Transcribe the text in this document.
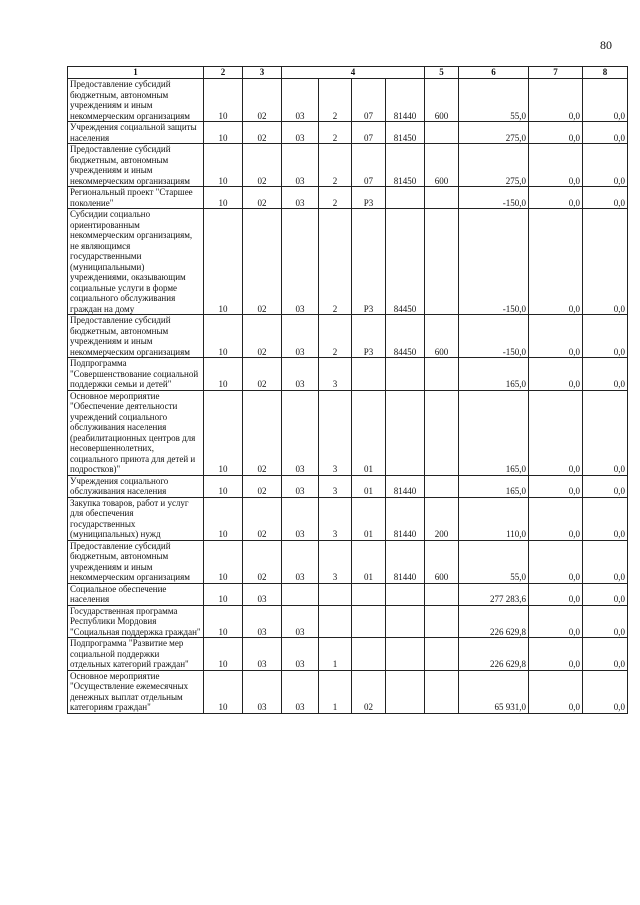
80
1	2	3	4				5	6	7	8
Предоставление субсидий бюджетным, автономным учреждениям и иным некоммерческим организациям	10	02	03	2	07	81440	600	55,0	0,0	0,0
Учреждения социальной защиты населения	10	02	03	2	07	81450		275,0	0,0	0,0
Предоставление субсидий бюджетным, автономным учреждениям и иным некоммерческим организациям	10	02	03	2	07	81450	600	275,0	0,0	0,0
Региональный проект "Старшее поколение"	10	02	03	2	P3			-150,0	0,0	0,0
Субсидии социально ориентированным некоммерческим организациям, не являющимся государственными (муниципальными) учреждениями, оказывающим социальные услуги в форме социального обслуживания граждан на дому	10	02	03	2	P3	84450		-150,0	0,0	0,0
Предоставление субсидий бюджетным, автономным учреждениям и иным некоммерческим организациям	10	02	03	2	P3	84450	600	-150,0	0,0	0,0
Подпрограмма "Совершенствование социальной поддержки семьи и детей"	10	02	03	3				165,0	0,0	0,0
Основное мероприятие "Обеспечение деятельности учреждений социального обслуживания населения (реабилитационных центров для несовершеннолетних, социального приюта для детей и подростков)"	10	02	03	3	01			165,0	0,0	0,0
Учреждения социального обслуживания населения	10	02	03	3	01	81440		165,0	0,0	0,0
Закупка товаров, работ и услуг для обеспечения государственных (муниципальных) нужд	10	02	03	3	01	81440	200	110,0	0,0	0,0
Предоставление субсидий бюджетным, автономным учреждениям и иным некоммерческим организациям	10	02	03	3	01	81440	600	55,0	0,0	0,0
Социальное обеспечение населения	10	03						277 283,6	0,0	0,0
Государственная программа Республики Мордовия "Социальная поддержка граждан"	10	03	03					226 629,8	0,0	0,0
Подпрограмма "Развитие мер социальной поддержки отдельных категорий граждан"	10	03	03	1				226 629,8	0,0	0,0
Основное мероприятие "Осуществление ежемесячных денежных выплат отдельным категориям граждан"	10	03	03	1	02			65 931,0	0,0	0,0
